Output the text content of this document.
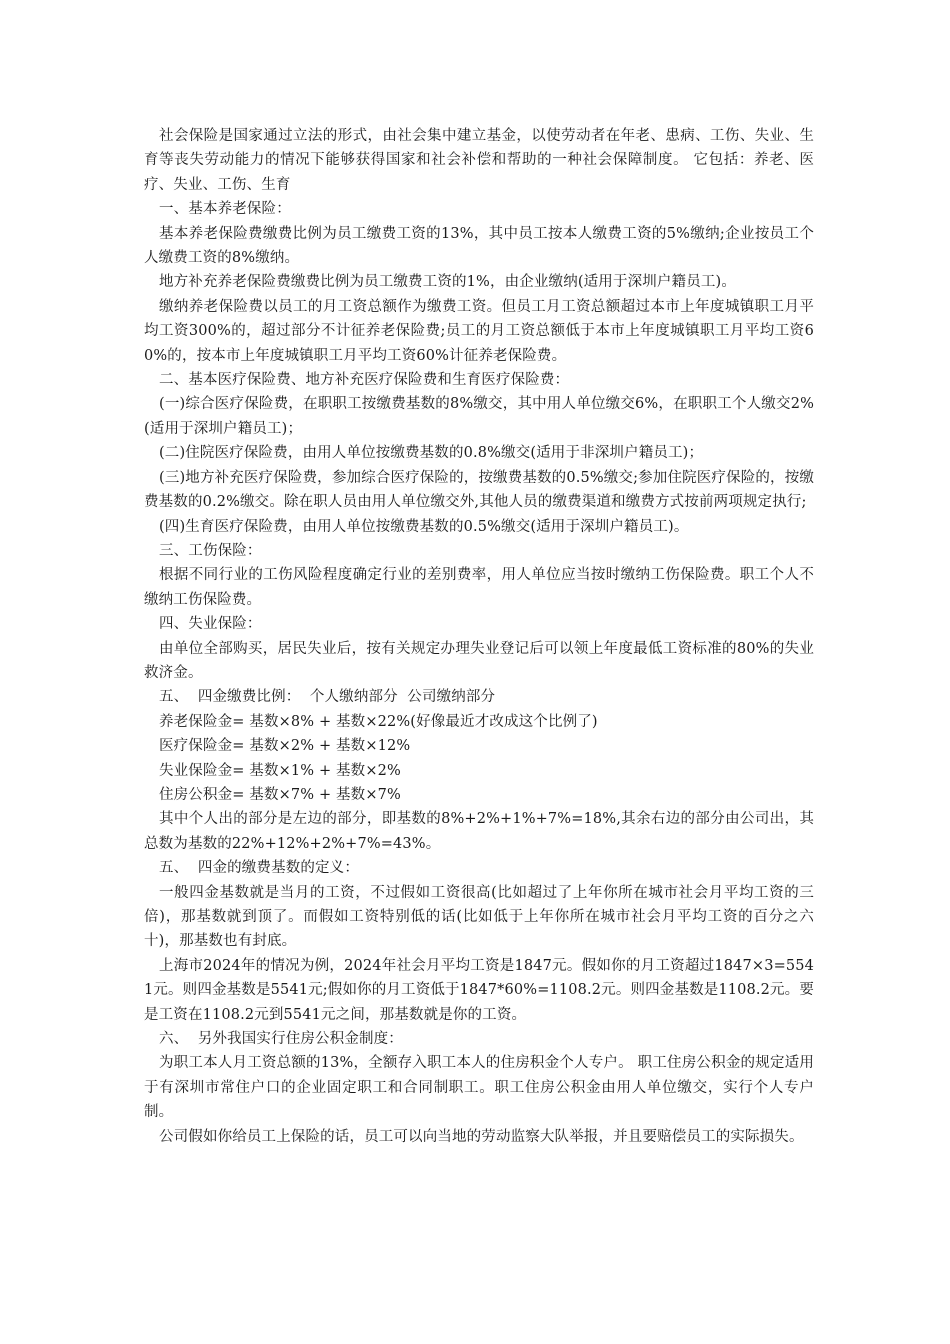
社会保险是国家通过立法的形式，由社会集中建立基金，以使劳动者在年老、患病、工伤、失业、生育等丧失劳动能力的情况下能够获得国家和社会补偿和帮助的一种社会保障制度。 它包括：养老、医疗、失业、工伤、生育

一、基本养老保险：

基本养老保险费缴费比例为员工缴费工资的13%，其中员工按本人缴费工资的5%缴纳;企业按员工个人缴费工资的8%缴纳。

地方补充养老保险费缴费比例为员工缴费工资的1%，由企业缴纳(适用于深圳户籍员工)。

缴纳养老保险费以员工的月工资总额作为缴费工资。但员工月工资总额超过本市上年度城镇职工月平均工资300%的，超过部分不计征养老保险费;员工的月工资总额低于本市上年度城镇职工月平均工资60%的，按本市上年度城镇职工月平均工资60%计征养老保险费。

二、基本医疗保险费、地方补充医疗保险费和生育医疗保险费：

(一)综合医疗保险费，在职职工按缴费基数的8%缴交，其中用人单位缴交6%，在职职工个人缴交2%(适用于深圳户籍员工)；

(二)住院医疗保险费，由用人单位按缴费基数的0.8%缴交(适用于非深圳户籍员工)；

(三)地方补充医疗保险费，参加综合医疗保险的，按缴费基数的0.5%缴交;参加住院医疗保险的，按缴费基数的0.2%缴交。除在职人员由用人单位缴交外,其他人员的缴费渠道和缴费方式按前两项规定执行;

(四)生育医疗保险费，由用人单位按缴费基数的0.5%缴交(适用于深圳户籍员工)。

三、工伤保险：

根据不同行业的工伤风险程度确定行业的差别费率，用人单位应当按时缴纳工伤保险费。职工个人不缴纳工伤保险费。

四、失业保险：

由单位全部购买，居民失业后，按有关规定办理失业登记后可以领上年度最低工资标准的80%的失业救济金。

五、  四金缴费比例：  个人缴纳部分  公司缴纳部分

养老保险金= 基数×8% + 基数×22%(好像最近才改成这个比例了)

医疗保险金= 基数×2% + 基数×12%

失业保险金= 基数×1% + 基数×2%

住房公积金= 基数×7% + 基数×7%

其中个人出的部分是左边的部分，即基数的8%+2%+1%+7%=18%,其余右边的部分由公司出，其总数为基数的22%+12%+2%+7%=43%。

五、  四金的缴费基数的定义：

一般四金基数就是当月的工资，不过假如工资很高(比如超过了上年你所在城市社会月平均工资的三倍)，那基数就到顶了。而假如工资特别低的话(比如低于上年你所在城市社会月平均工资的百分之六十)，那基数也有封底。

上海市2024年的情况为例，2024年社会月平均工资是1847元。假如你的月工资超过1847×3=5541元。则四金基数是5541元;假如你的月工资低于1847*60%=1108.2元。则四金基数是1108.2元。要是工资在1108.2元到5541元之间，那基数就是你的工资。

六、  另外我国实行住房公积金制度：

为职工本人月工资总额的13%，全额存入职工本人的住房积金个人专户。 职工住房公积金的规定适用于有深圳市常住户口的企业固定职工和合同制职工。职工住房公积金由用人单位缴交，实行个人专户制。

公司假如你给员工上保险的话，员工可以向当地的劳动监察大队举报，并且要赔偿员工的实际损失。
